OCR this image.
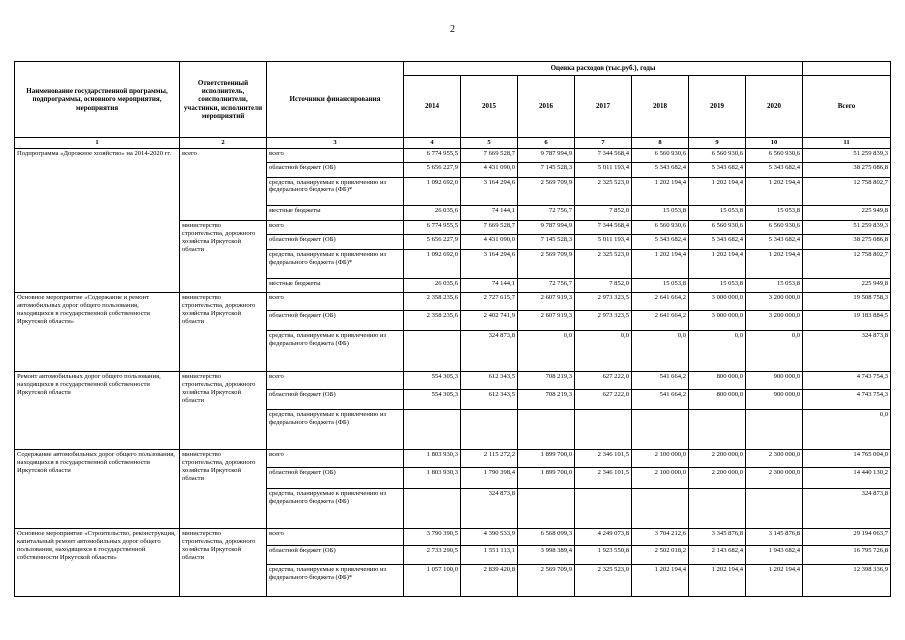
2
Наименование государственной программы, подпрограммы, основного мероприятия, мероприятия	Ответственный исполнитель, соисполнители, участники, исполнители мероприятий	Источники финансирования	Оценка расходов (тыс.руб.), годы							
			2014	2015	2016	2017	2018	2019	2020	Всего
1	2	3	4	5	6	7	8	9	10	11
Подпрограмма «Дорожное хозяйство» на 2014-2020 гг.	всего	всего	6 774 955,5	7 669 528,7	9 787 994,9	7 344 568,4	6 560 930,6	6 560 930,6	6 560 930,6	51 259 839,3
		областной бюджет (ОБ)	5 656 227,9	4 431 090,0	7 145 528,3	5 011 193,4	5 343 682,4	5 343 682,4	5 343 682,4	38 275 086,8
		средства, планируемые к привлечению из федерального бюджета (ФБ)*	1 092 692,0	3 164 294,6	2 569 709,9	2 325 523,0	1 202 194,4	1 202 194,4	1 202 194,4	12 758 802,7
		местные бюджеты	26 035,6	74 144,1	72 756,7	7 852,0	15 053,8	15 053,8	15 053,8	225 949,8
	министерство строительства, дорожного хозяйства Иркутской области	всего	6 774 955,5	7 669 528,7	9 787 994,9	7 344 568,4	6 560 930,6	6 560 930,6	6 560 930,6	51 259 839,3
		областной бюджет (ОБ)	5 656 227,9	4 431 090,0	7 145 528,3	5 011 193,4	5 343 682,4	5 343 682,4	5 343 682,4	38 275 086,8
		средства, планируемые к привлечению из федерального бюджета (ФБ)*	1 092 692,0	3 164 294,6	2 569 709,9	2 325 523,0	1 202 194,4	1 202 194,4	1 202 194,4	12 758 802,7
		местные бюджеты	26 035,6	74 144,1	72 756,7	7 852,0	15 053,8	15 053,8	15 053,8	225 949,8
Основное мероприятие «Содержание и ремонт автомобильных дорог общего пользования, находящихся в государственной собственности Иркутской области»	министерство строительства, дорожного хозяйства Иркутской области	всего	2 358 235,6	2 727 615,7	2 607 919,3	2 973 323,5	2 641 664,2	3 000 000,0	3 200 000,0	19 508 758,3
		областной бюджет (ОБ)	2 358 235,6	2 402 741,9	2 607 919,3	2 973 323,5	2 641 664,2	3 000 000,0	3 200 000,0	19 183 884,5
		средства, планируемые к привлечению из федерального бюджета (ФБ)		324 873,8	0,0	0,0	0,0	0,0	0,0	324 873,8
Ремонт автомобильных дорог общего пользования, находящихся в государственной собственности Иркутской области	министерство строительства, дорожного хозяйства Иркутской области	всего	554 305,3	612 343,5	708 219,3	627 222,0	541 664,2	800 000,0	900 000,0	4 743 754,3
		областной бюджет (ОБ)	554 305,3	612 343,5	708 219,3	627 222,0	541 664,2	800 000,0	900 000,0	4 743 754,3
		средства, планируемые к привлечению из федерального бюджета (ФБ)								0,0
Содержание автомобильных дорог общего пользования, находящихся в государственной собственности Иркутской области	министерство строительства, дорожного хозяйства Иркутской области	всего	1 803 930,3	2 115 272,2	1 899 700,0	2 346 101,5	2 100 000,0	2 200 000,0	2 300 000,0	14 765 004,0
		областной бюджет (ОБ)	1 803 930,3	1 790 398,4	1 899 700,0	2 346 101,5	2 100 000,0	2 200 000,0	2 300 000,0	14 440 130,2
		средства, планируемые к привлечению из федерального бюджета (ФБ)		324 873,8						324 873,8
Основное мероприятие «Строительство, реконструкция, капитальный ремонт автомобильных дорог общего пользования, находящихся в государственной собственности Иркутской области»	министерство строительства, дорожного хозяйства Иркутской области	всего	3 790 390,5	4 390 533,9	6 568 099,3	4 249 073,8	3 704 212,6	3 345 876,8	3 145 876,8	29 194 063,7
		областной бюджет (ОБ)	2 733 290,5	1 551 113,1	3 998 389,4	1 923 550,8	2 502 018,2	2 143 682,4	1 943 682,4	16 795 726,8
		средства, планируемые к привлечению из федерального бюджета (ФБ)*	1 057 100,0	2 839 420,8	2 569 709,9	2 325 523,0	1 202 194,4	1 202 194,4	1 202 194,4	12 398 336,9
